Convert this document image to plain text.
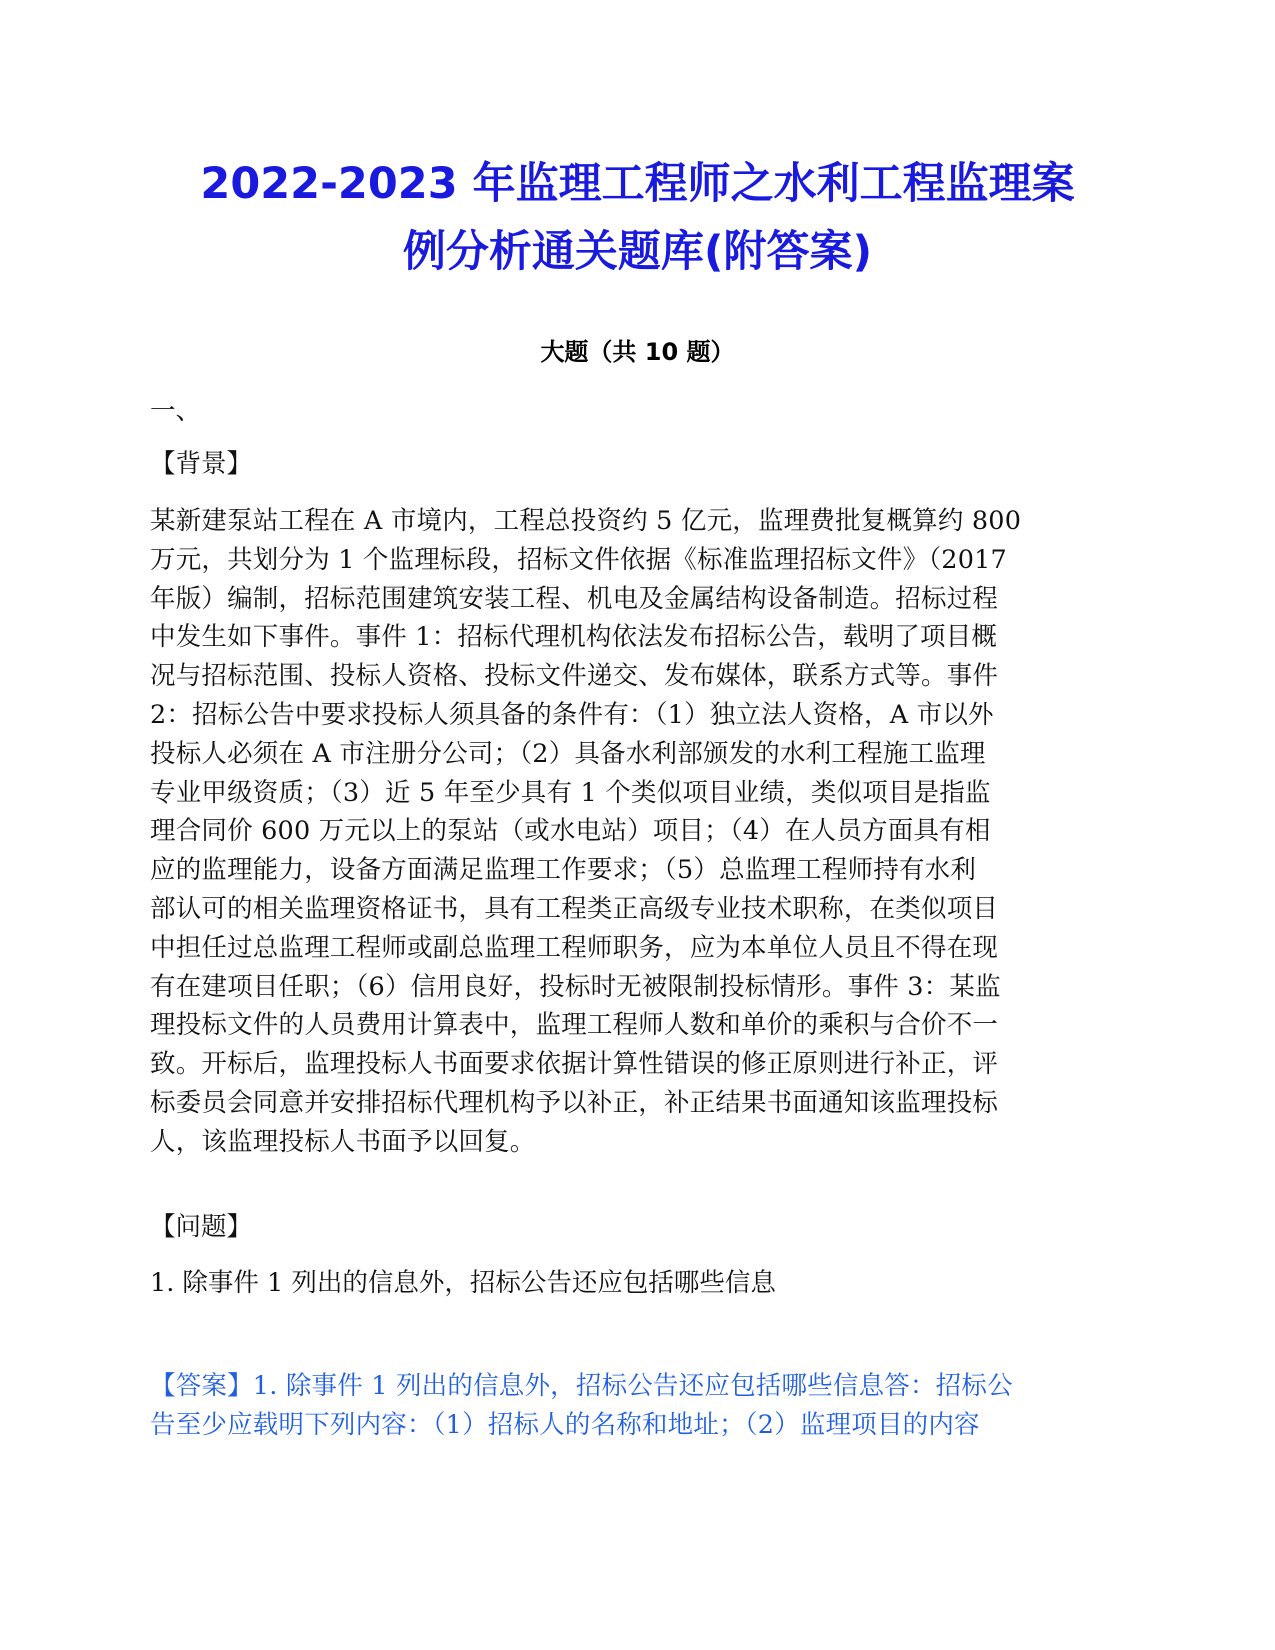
2022-2023 年监理工程师之水利工程监理案
例分析通关题库(附答案)
大题（共 10 题）
一、
【背景】
某新建泵站工程在 A 市境内，工程总投资约 5 亿元，监理费批复概算约 800
万元，共划分为 1 个监理标段，招标文件依据《标准监理招标文件》（2017
年版）编制，招标范围建筑安装工程、机电及金属结构设备制造。招标过程
中发生如下事件。事件 1：招标代理机构依法发布招标公告，载明了项目概
况与招标范围、投标人资格、投标文件递交、发布媒体，联系方式等。事件
2：招标公告中要求投标人须具备的条件有：（1）独立法人资格，A 市以外
投标人必须在 A 市注册分公司；（2）具备水利部颁发的水利工程施工监理
专业甲级资质；（3）近 5 年至少具有 1 个类似项目业绩，类似项目是指监
理合同价 600 万元以上的泵站（或水电站）项目；（4）在人员方面具有相
应的监理能力，设备方面满足监理工作要求；（5）总监理工程师持有水利
部认可的相关监理资格证书，具有工程类正高级专业技术职称，在类似项目
中担任过总监理工程师或副总监理工程师职务，应为本单位人员且不得在现
有在建项目任职；（6）信用良好，投标时无被限制投标情形。事件 3：某监
理投标文件的人员费用计算表中，监理工程师人数和单价的乘积与合价不一
致。开标后，监理投标人书面要求依据计算性错误的修正原则进行补正，评
标委员会同意并安排招标代理机构予以补正，补正结果书面通知该监理投标
人，该监理投标人书面予以回复。
【问题】
1. 除事件 1 列出的信息外，招标公告还应包括哪些信息
【答案】1. 除事件 1 列出的信息外，招标公告还应包括哪些信息答：招标公
告至少应载明下列内容：（1）招标人的名称和地址；（2）监理项目的内容
